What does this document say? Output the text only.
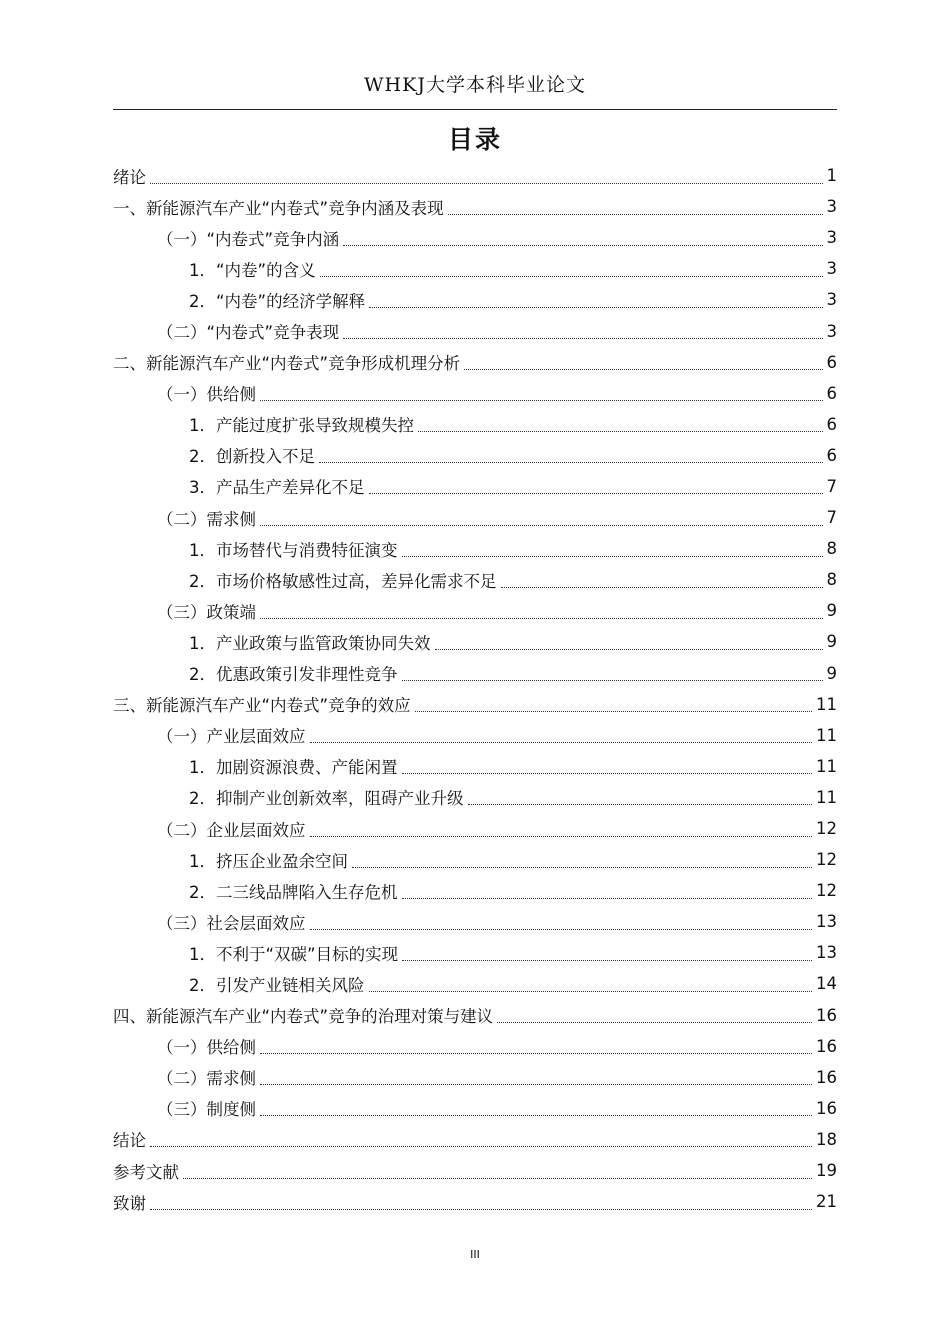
WHKJ大学本科毕业论文
目录
绪论	1
一、新能源汽车产业“内卷式”竞争内涵及表现	3
（一）“内卷式”竞争内涵	3
1．“内卷”的含义	3
2．“内卷”的经济学解释	3
（二）“内卷式”竞争表现	3
二、新能源汽车产业“内卷式”竞争形成机理分析	6
（一）供给侧	6
1．产能过度扩张导致规模失控	6
2．创新投入不足	6
3．产品生产差异化不足	7
（二）需求侧	7
1．市场替代与消费特征演变	8
2．市场价格敏感性过高，差异化需求不足	8
（三）政策端	9
1．产业政策与监管政策协同失效	9
2．优惠政策引发非理性竞争	9
三、新能源汽车产业“内卷式”竞争的效应	11
（一）产业层面效应	11
1．加剧资源浪费、产能闲置	11
2．抑制产业创新效率，阻碍产业升级	11
（二）企业层面效应	12
1．挤压企业盈余空间	12
2．二三线品牌陷入生存危机	12
（三）社会层面效应	13
1．不利于“双碳”目标的实现	13
2．引发产业链相关风险	14
四、新能源汽车产业“内卷式”竞争的治理对策与建议	16
（一）供给侧	16
（二）需求侧	16
（三）制度侧	16
结论	18
参考文献	19
致谢	21
III
